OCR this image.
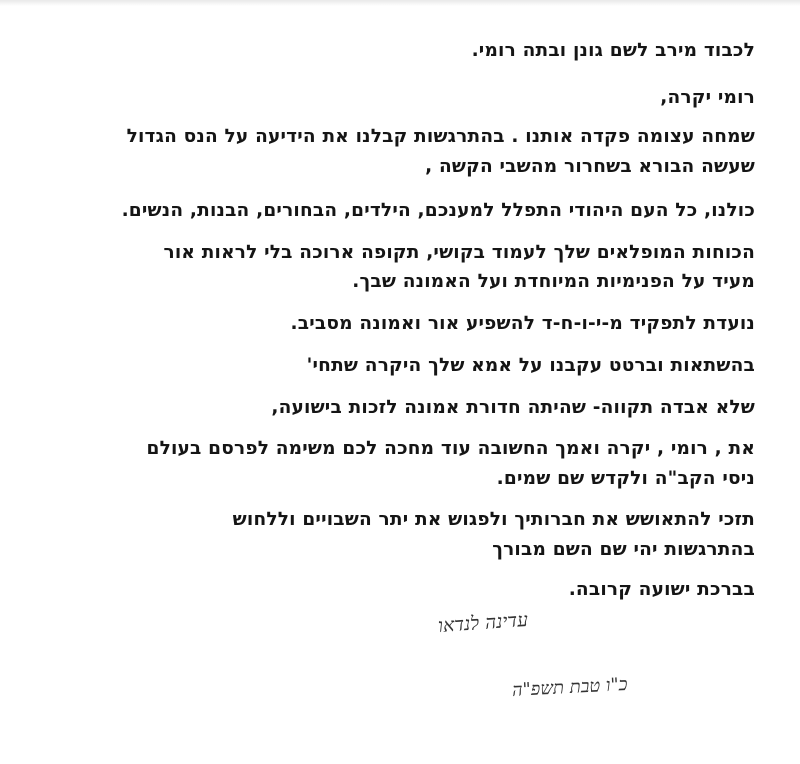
לכבוד מירב לשם גונן ובתה רומי.
רומי יקרה,
שמחה עצומה פקדה אותנו . בהתרגשות קבלנו את הידיעה על הנס הגדול
שעשה הבורא בשחרור מהשבי הקשה ,
כולנו, כל העם היהודי התפלל למענכם, הילדים, הבחורים, הבנות, הנשים.
הכוחות המופלאים שלך לעמוד בקושי, תקופה ארוכה בלי לראות אור
מעיד על הפנימיות המיוחדת ועל האמונה שבך.
נועדת לתפקיד מ-י-ו-ח-ד להשפיע אור ואמונה מסביב.
בהשתאות וברטט עקבנו על אמא שלך היקרה שתחי'
שלא אבדה תקווה- שהיתה חדורת אמונה לזכות בישועה,
את , רומי , יקרה ואמך החשובה עוד מחכה לכם משימה לפרסם בעולם
ניסי הקב"ה ולקדש שם שמים.
תזכי להתאושש את חברותיך ולפגוש את יתר השבויים וללחוש
בהתרגשות יהי שם השם מבורך
בברכת ישועה קרובה.
עדינה לנדאו
כ"ו טבת תשפ"ה
